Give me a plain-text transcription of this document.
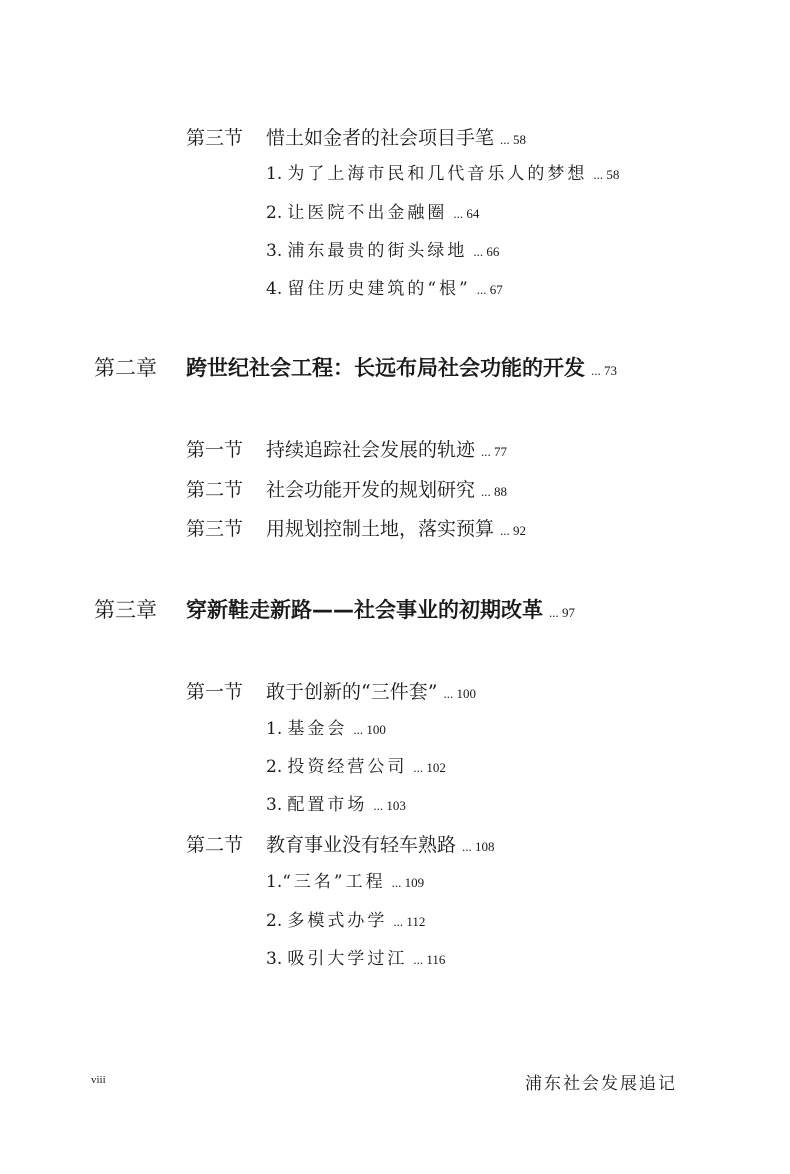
第三节 惜土如金者的社会项目手笔 ... 58
1. 为了上海市民和几代音乐人的梦想 ... 58
2. 让医院不出金融圈 ... 64
3. 浦东最贵的街头绿地 ... 66
4. 留住历史建筑的“根” ... 67
第二章 跨世纪社会工程：长远布局社会功能的开发 ... 73
第一节 持续追踪社会发展的轨迹 ... 77
第二节 社会功能开发的规划研究 ... 88
第三节 用规划控制土地，落实预算 ... 92
第三章 穿新鞋走新路——社会事业的初期改革 ... 97
第一节 敢于创新的“三件套” ... 100
1. 基金会 ... 100
2. 投资经营公司 ... 102
3. 配置市场 ... 103
第二节 教育事业没有轻车熟路 ... 108
1.“三名”工程 ... 109
2. 多模式办学 ... 112
3. 吸引大学过江 ... 116
viii	浦东社会发展追记
